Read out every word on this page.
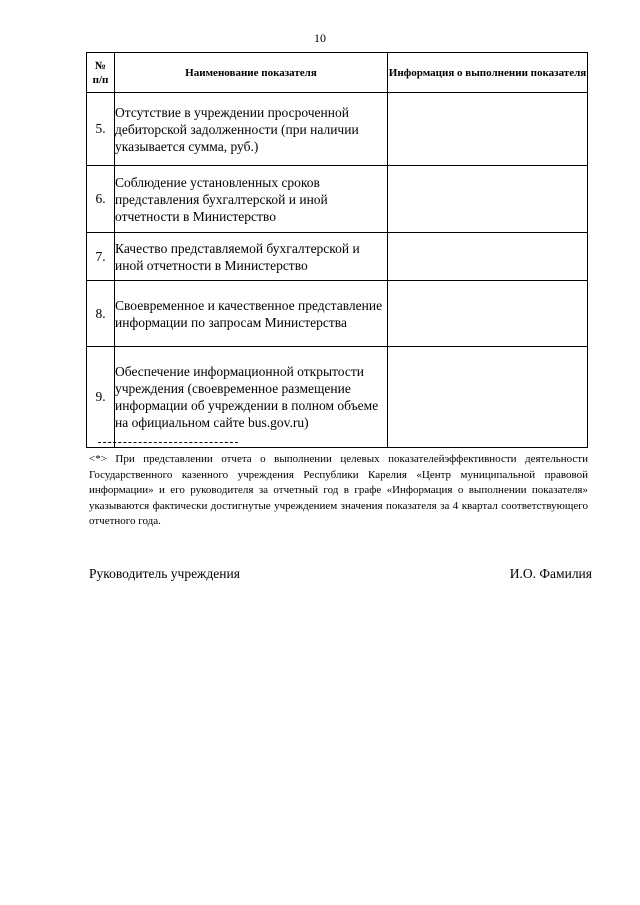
10
№
п/п	Наименование показателя	Информация о выполнении показателя
5.	Отсутствие в учреждении просроченной дебиторской задолженности (при наличии указывается сумма, руб.)	
6.	Соблюдение установленных сроков представления бухгалтерской и иной отчетности в Министерство	
7.	Качество представляемой бухгалтерской и иной отчетности в Министерство	
8.	Своевременное и качественное представление информации по запросам Министерства	
9.	Обеспечение информационной открытости учреждения (своевременное размещение информации об учреждении в полном объеме на официальном сайте bus.gov.ru)	
<*> При представлении отчета о выполнении целевых показателейэффективности деятельности Государственного казенного учреждения Республики Карелия «Центр муниципальной правовой информации» и его руководителя за отчетный год в графе «Информация о выполнении показателя» указываются фактически достигнутые учреждением значения показателя за 4 квартал соответствующего отчетного года.
Руководитель учреждения	И.О. Фамилия
